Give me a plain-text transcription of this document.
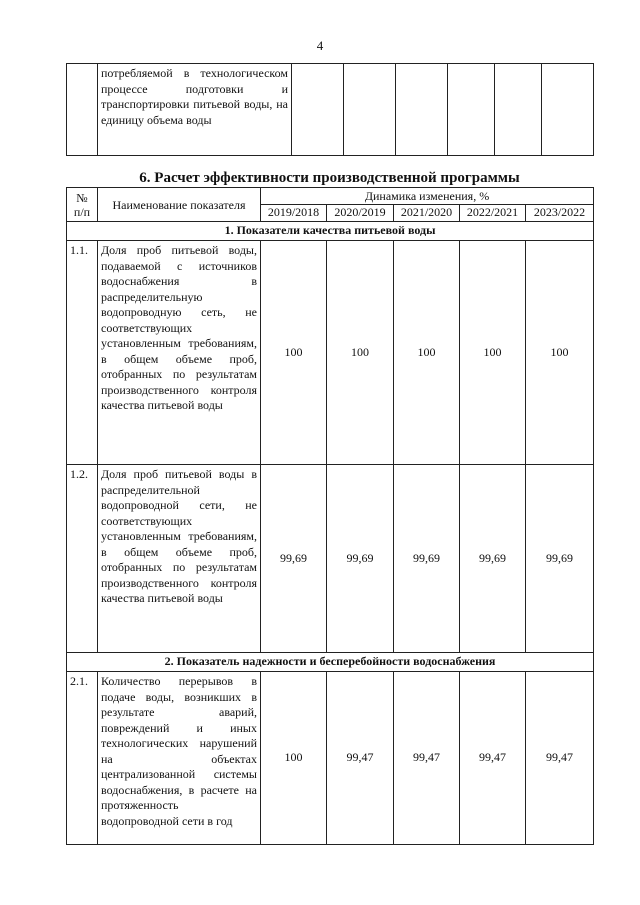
4
	потребляемой в технологическом процессе подготовки и транспортировки питьевой воды, на единицу объема воды						
6. Расчет эффективности производственной программы
№ п/п	Наименование показателя	Динамика изменения, %				
		2019/2018	2020/2019	2021/2020	2022/2021	2023/2022
1. Показатели качества питьевой воды						
1.1.	Доля проб питьевой воды, подаваемой с источников водоснабжения в распределительную водопроводную сеть, не соответствующих установленным требованиям, в общем объеме проб, отобранных по результатам производственного контроля качества питьевой воды	100	100	100	100	100
1.2.	Доля проб питьевой воды в распределительной водопроводной сети, не соответствующих установленным требованиям, в общем объеме проб, отобранных по результатам производственного контроля качества питьевой воды	99,69	99,69	99,69	99,69	99,69
2. Показатель надежности и бесперебойности водоснабжения						
2.1.	Количество перерывов в подаче воды, возникших в результате аварий, повреждений и иных технологических нарушений на объектах централизованной системы водоснабжения, в расчете на протяженность водопроводной сети в год	100	99,47	99,47	99,47	99,47
